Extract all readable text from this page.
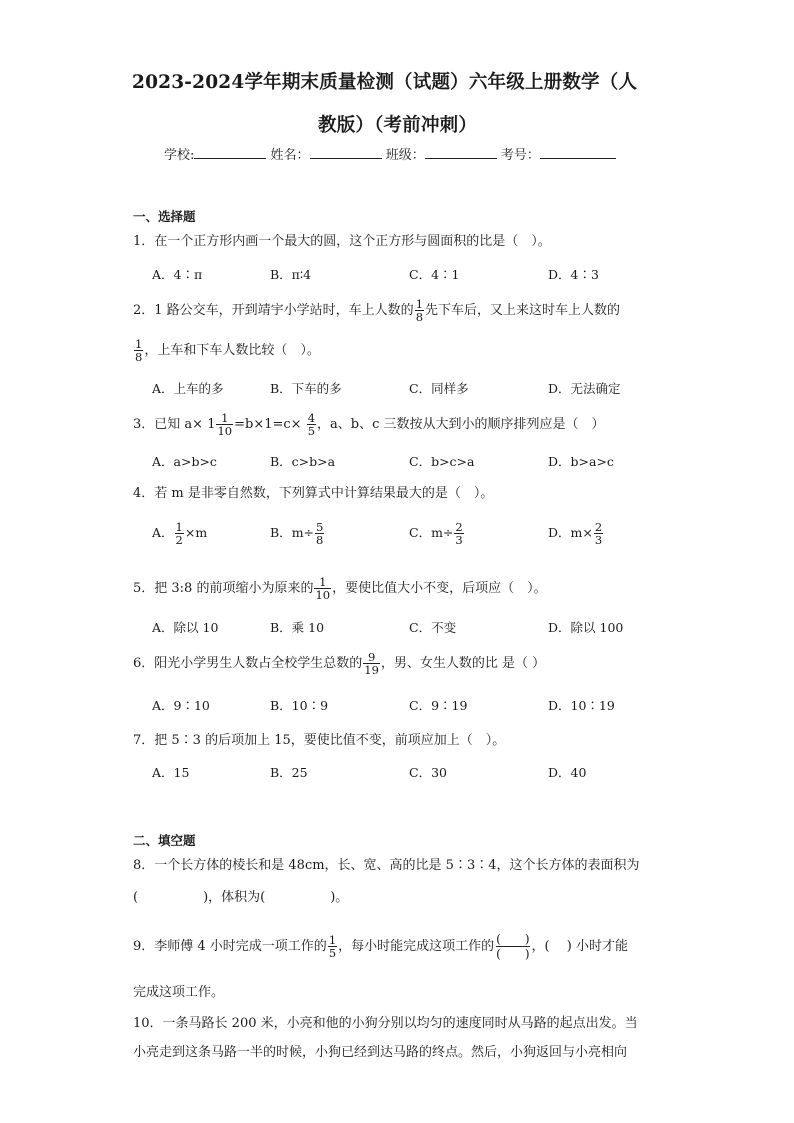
2023-2024学年期末质量检测（试题）六年级上册数学（人
教版）（考前冲刺）
学校:	姓名：	班级：	考号：
一、选择题
1．在一个正方形内画一个最大的圆，这个正方形与圆面积的比是（　）。
A．4∶π	B．π∶4	C．4∶1	D．4∶3
2．1 路公交车，开到靖宇小学站时，车上人数的 $\frac{1}{8}$ 先下车后，又上来这时车上人数的
$\frac{1}{8}$ ，上车和下车人数比较（　）。
A．上车的多	B．下车的多	C．同样多	D．无法确定
3．已知 $a\times 1 \frac{1}{10} =b\times 1=c\times \frac{4}{5}$ ，a、b、c 三数按从大到小的顺序排列应是（　）
A．a>b>c	B．c>b>a	C．b>c>a	D．b>a>c
4．若 m 是非零自然数，下列算式中计算结果最大的是（　）。
A． $\frac{1}{2} \times m$	B．$m\div \frac{5}{8}$	C．$m\div \frac{2}{3}$	D．$m\times \frac{2}{3}$
5．把 3:8 的前项缩小为原来的 $\frac{1}{10}$ ，要使比值大小不变，后项应（　）。
A．除以 10	B．乘 10	C．不变	D．除以 100
6．阳光小学男生人数占全校学生总数的 $\frac{9}{19}$ ，男、女生人数的比 是（ ）
A．9∶10	B．10∶9	C．9∶19	D．10∶19
7．把 5∶3 的后项加上 15，要使比值不变，前项应加上（　）。
A．15	B．25	C．30	D．40
二、填空题
8．一个长方体的棱长和是 48cm，长、宽、高的比是 5∶3∶4，这个长方体的表面积为
(　　　　　)，体积为(　　　　　)。
9．李师傅 4 小时完成一项工作的 $\frac{1}{5}$ ，每小时能完成这项工作的 $\frac{( )}{( )}$ ，(　 ) 小时才能
完成这项工作。
10．一条马路长 200 米，小亮和他的小狗分别以均匀的速度同时从马路的起点出发。当
小亮走到这条马路一半的时候，小狗已经到达马路的终点。然后，小狗返回与小亮相向
